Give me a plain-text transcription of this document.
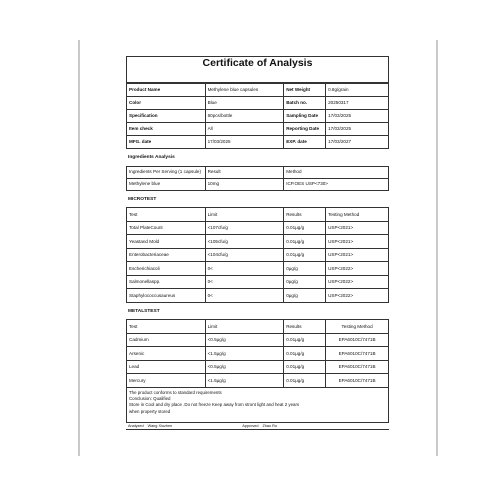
Certificate of Analysis
Product Name	Methylene blue capsules	Net Weight	0.8g/grain
Color	Blue	Batch no.	20250317
Specification	60pcs/bottle	Sampling Date	17/03/2025
Item check	All	Reporting Date	17/03/2025
MFG. date	17/03/2025	EXP. date	17/03/2027
Ingredients Analysis
Ingredients Per Serving (1 capsule)	Result	Method
Methylene blue	10mg	ICP.OES USP<730>
MICROTEST
Test	Limit	Results	Testing Method
Total PlateCount	<107cfu/g	0.01μg/g	USP<2021>
Yeastand Mold	<105cfu/g	0.01μg/g	USP<2021>
Enterobacteriaceae	<104cfu/g	0.01μg/g	USP<2021>
Escherichiacoli	0<	0μg/g	USP<2022>
Salmonellaspp.	0<	0μg/g	USP<2022>
Staphylococcusaureus	0<	0μg/g	USP<2022>
METALSTEST
Test	Limit	Results	Testing Method
Cadmium	<0.5μg/g	0.01μg/g	EPA6010C/7471B
Arsenic	<1.5μg/g	0.01μg/g	EPA6010C/7471B
Lead	<0.5μg/g	0.01μg/g	EPA6010C/7471B
Mercury	<1.5μg/g	0.01μg/g	EPA6010C/7471B
The product conforms to standard requirements
Conclusion: Qualified
Store in Cool and dry place .Do not freeze Keep away from stront light and heat 2 years
when property stored
Analyzed Wang Xiuzhen	Approved Zhao Ru
